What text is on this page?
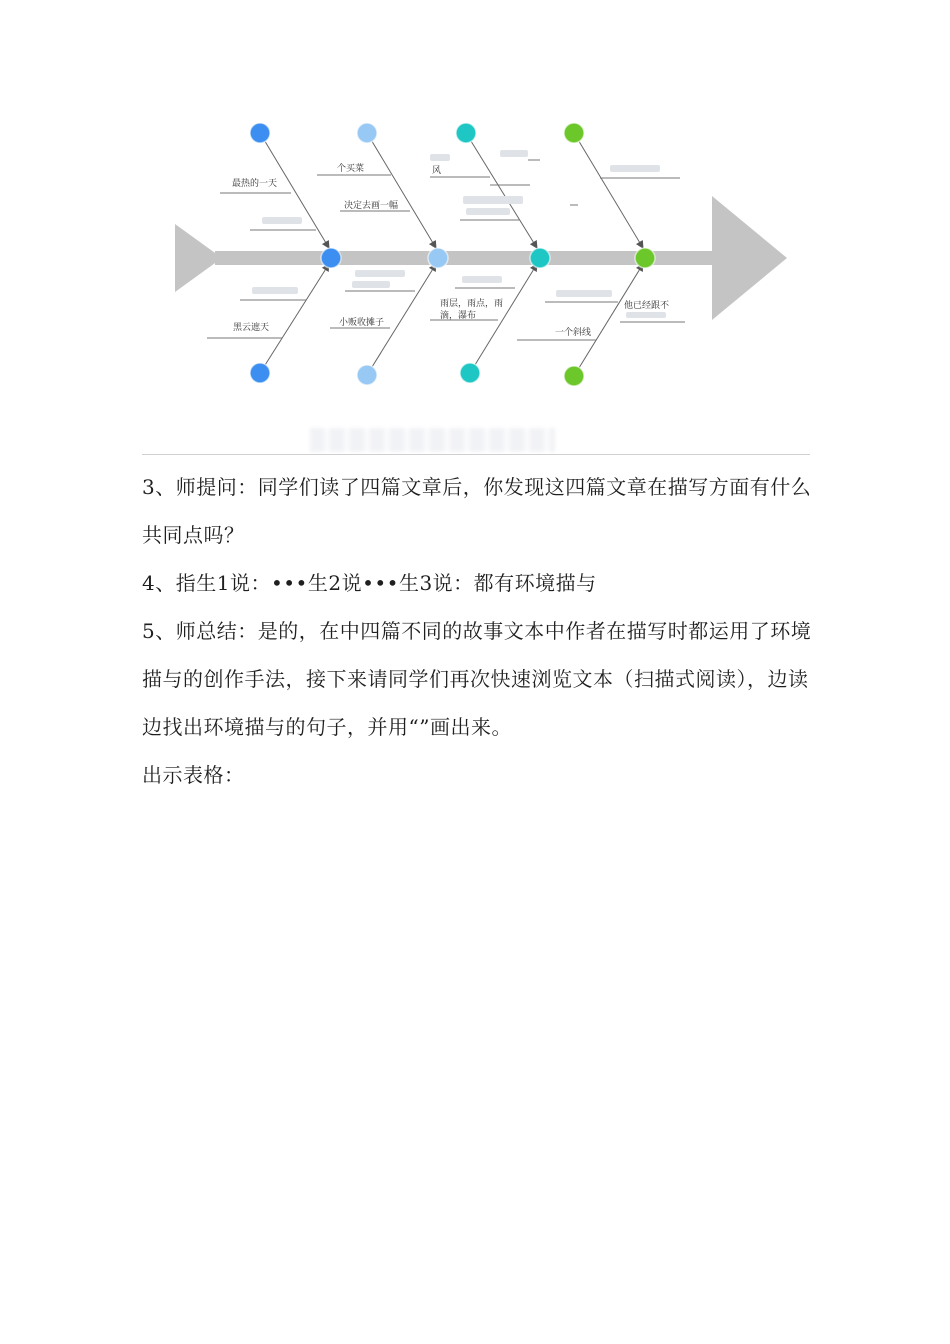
最热的一天
个买菜
决定去画一幅
风
黑云遮天	小贩收摊子
雨层，雨点，雨
滴，瀑布
他已经跟不
一个斜线

3、师提问：同学们读了四篇文章后，你发现这四篇文章在描写方面有什么共同点吗？

4、指生1说：•••生2说•••生3说：都有环境描与

5、师总结：是的，在中四篇不同的故事文本中作者在描写时都运用了环境描与的创作手法，接下来请同学们再次快速浏览文本（扫描式阅读），边读边找出环境描与的句子，并用“”画出来。

出示表格：
